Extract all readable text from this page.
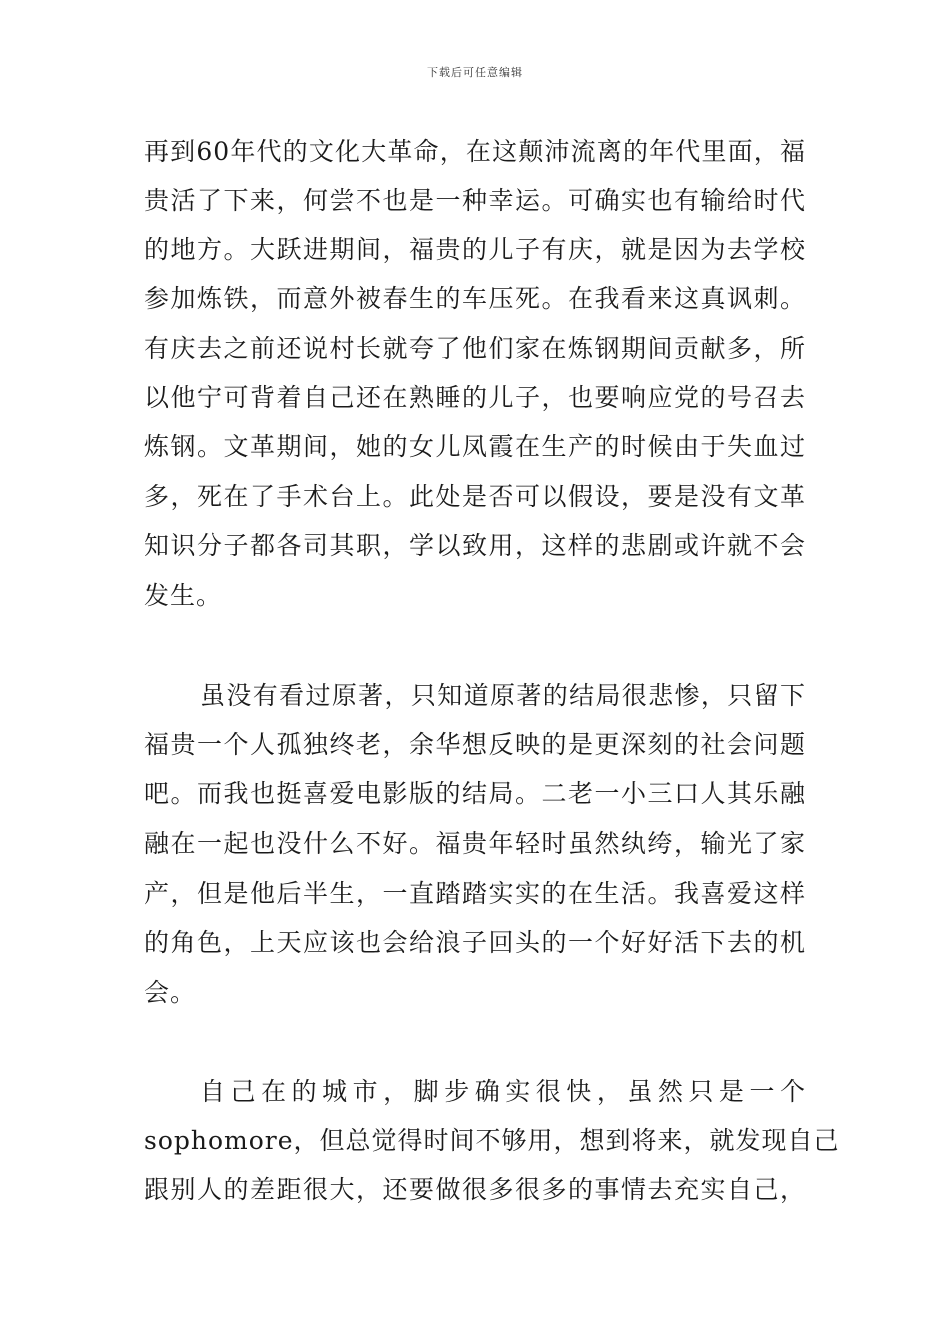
下载后可任意编辑
再到60年代的文化大革命，在这颠沛流离的年代里面，福
贵活了下来，何尝不也是一种幸运。可确实也有输给时代
的地方。大跃进期间，福贵的儿子有庆，就是因为去学校
参加炼铁，而意外被春生的车压死。在我看来这真讽刺。
有庆去之前还说村长就夸了他们家在炼钢期间贡献多，所
以他宁可背着自己还在熟睡的儿子，也要响应党的号召去
炼钢。文革期间，她的女儿凤霞在生产的时候由于失血过
多，死在了手术台上。此处是否可以假设，要是没有文革
知识分子都各司其职，学以致用，这样的悲剧或许就不会
发生。
虽没有看过原著，只知道原著的结局很悲惨，只留下
福贵一个人孤独终老，余华想反映的是更深刻的社会问题
吧。而我也挺喜爱电影版的结局。二老一小三口人其乐融
融在一起也没什么不好。福贵年轻时虽然纨绔，输光了家
产，但是他后半生，一直踏踏实实的在生活。我喜爱这样
的角色，上天应该也会给浪子回头的一个好好活下去的机
会。
自己在的城市，脚步确实很快，虽然只是一个
sophomore，但总觉得时间不够用，想到将来，就发现自己
跟别人的差距很大，还要做很多很多的事情去充实自己，
